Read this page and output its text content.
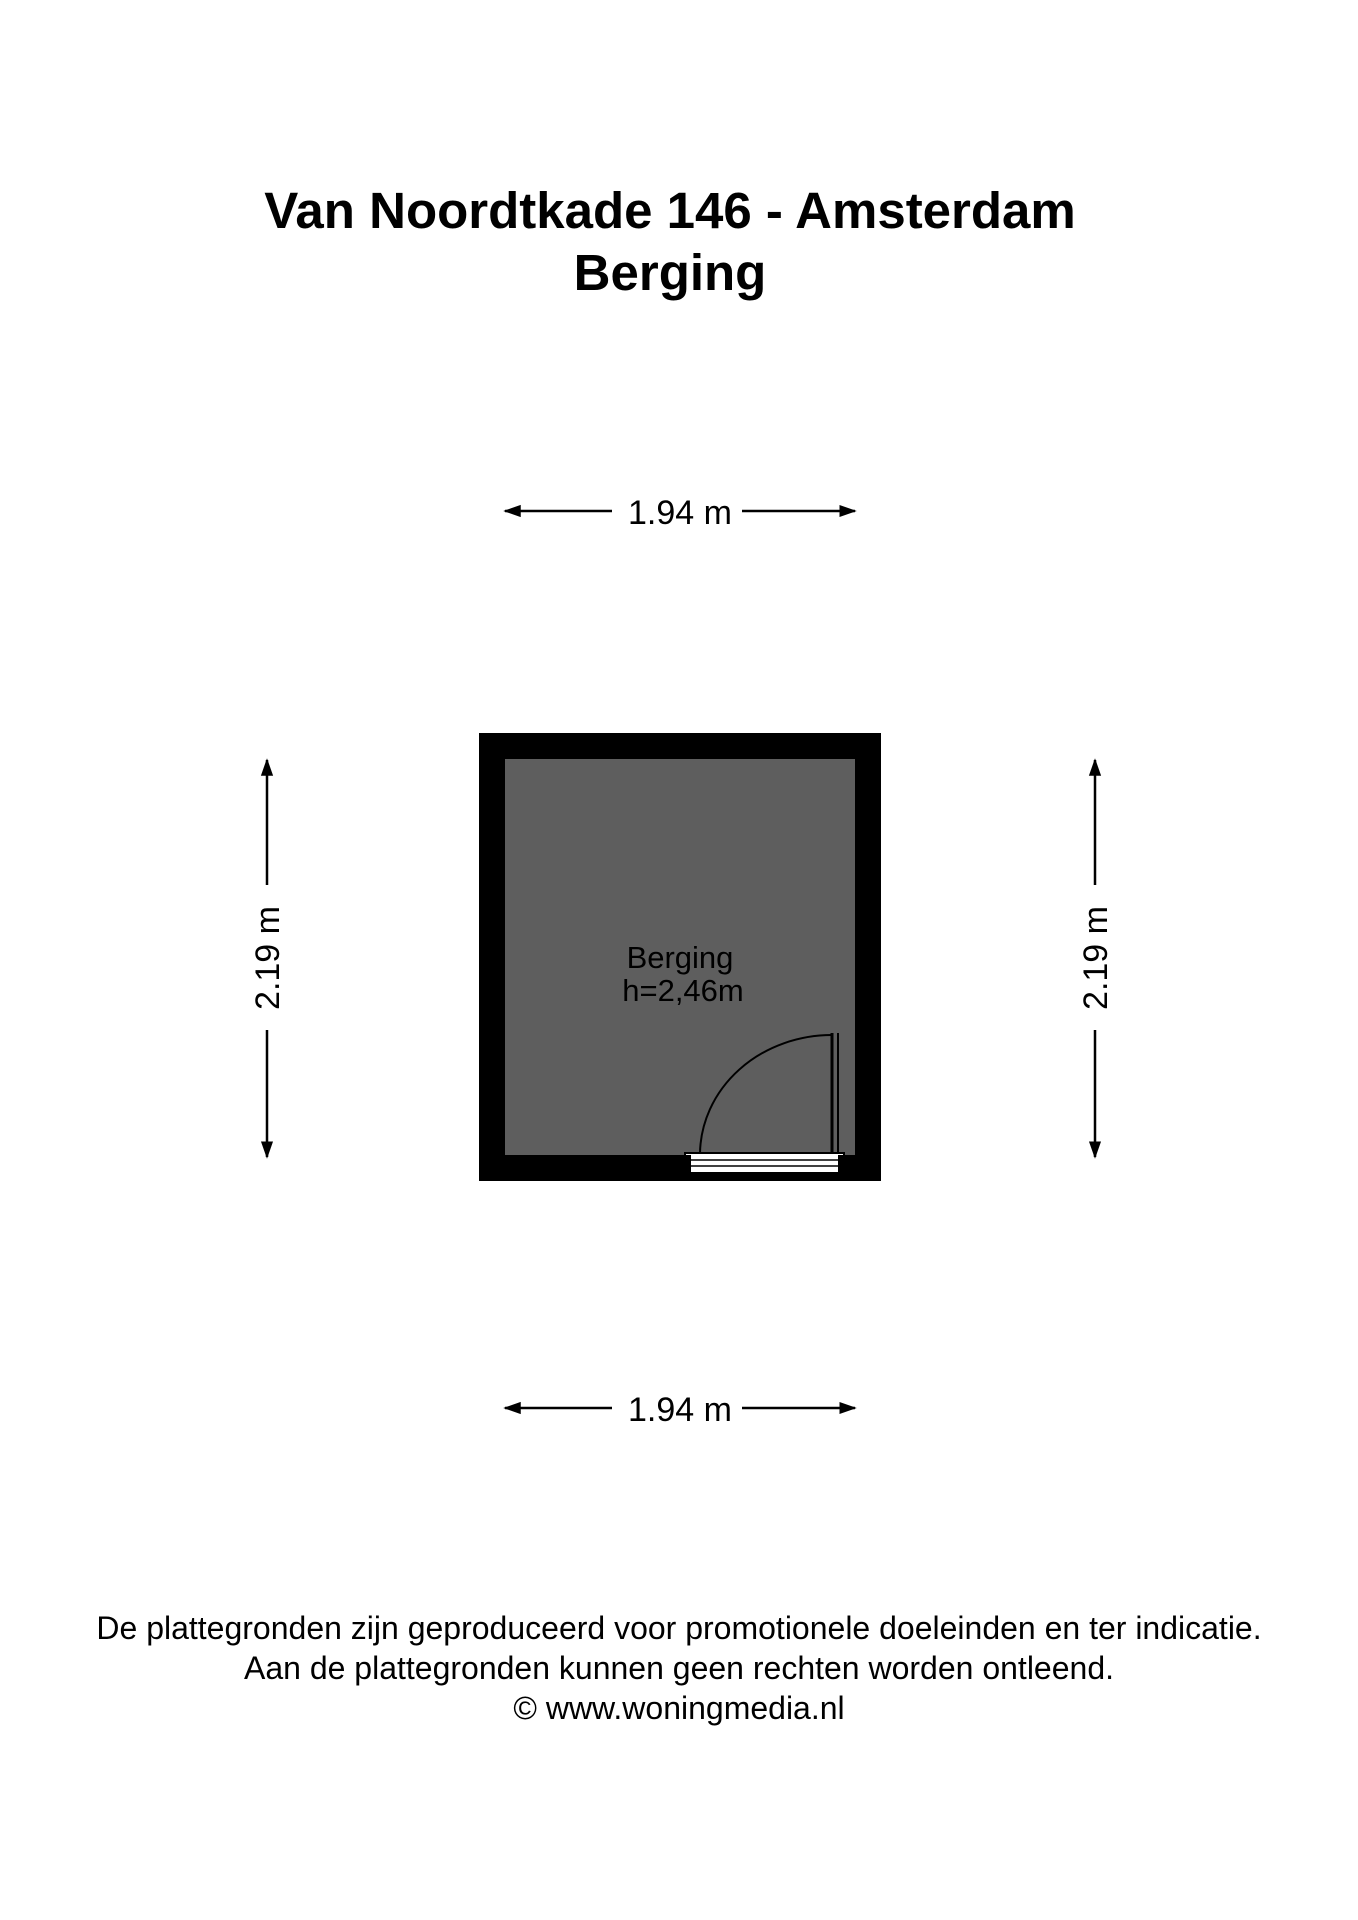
Van Noordtkade 146 - Amsterdam
Berging
1.94 m
1.94 m
2.19 m	2.19 m
Berging
h=2,46m
De plattegronden zijn geproduceerd voor promotionele doeleinden en ter indicatie.
Aan de plattegronden kunnen geen rechten worden ontleend.
© www.woningmedia.nl
